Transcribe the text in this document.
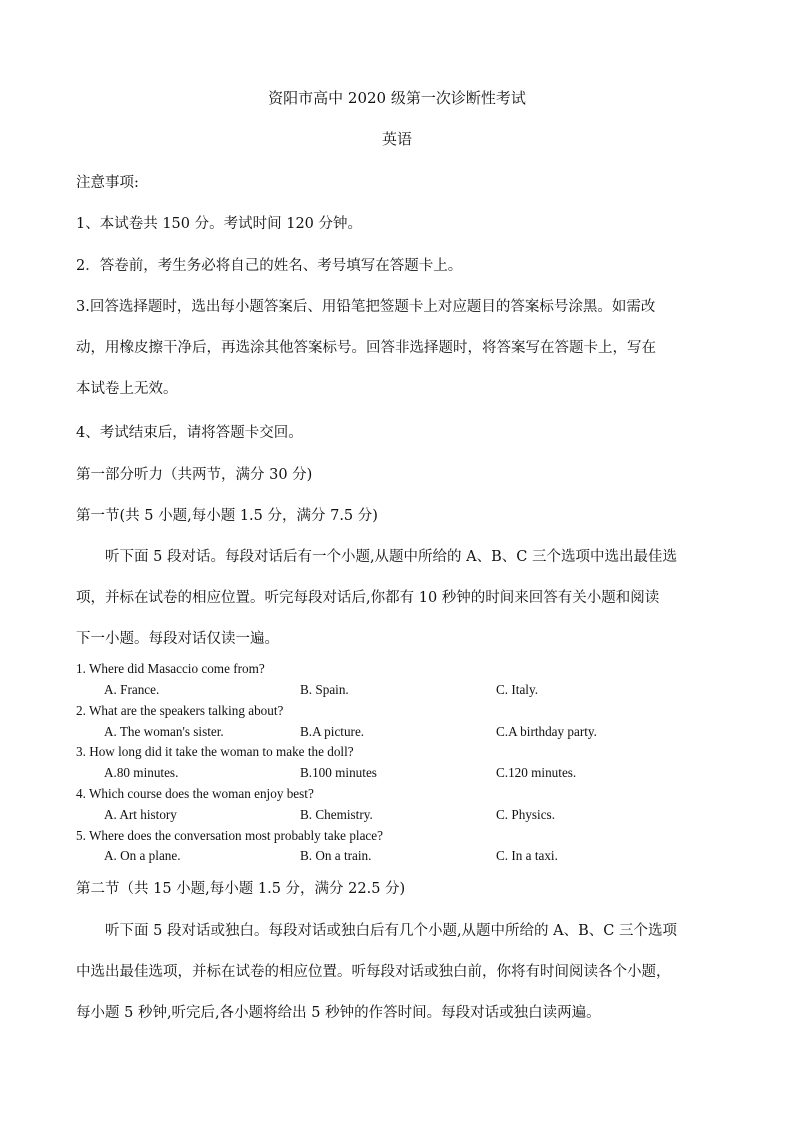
资阳市高中 2020 级第一次诊断性考试
英语
注意事项:
1、本试卷共 150 分。考试时间 120 分钟。
2．答卷前，考生务必将自己的姓名、考号填写在答题卡上。
3.回答选择题时，选出每小题答案后、用铅笔把签题卡上对应题目的答案标号涂黑。如需改
动，用橡皮擦干净后，再选涂其他答案标号。回答非选择题时，将答案写在答题卡上，写在
本试卷上无效。
4、考试结束后，请将答题卡交回。
第一部分听力（共两节，满分 30 分)
第一节(共 5 小题,每小题 1.5 分，满分 7.5 分)
听下面 5 段对话。每段对话后有一个小题,从题中所给的 A、B、C 三个选项中选出最佳选
项，并标在试卷的相应位置。听完每段对话后,你都有 10 秒钟的时间来回答有关小题和阅读
下一小题。每段对话仅读一遍。
1. Where did Masaccio come from?
A. France.	B. Spain.	C. Italy.
2. What are the speakers talking about?
A. The woman's sister.	B.A picture.	C.A birthday party.
3. How long did it take the woman to make the doll?
A.80 minutes.	B.100 minutes	C.120 minutes.
4. Which course does the woman enjoy best?
A. Art history	B. Chemistry.	C. Physics.
5. Where does the conversation most probably take place?
A. On a plane.	B. On a train.	C. In a taxi.
第二节（共 15 小题,每小题 1.5 分，满分 22.5 分)
听下面 5 段对话或独白。每段对话或独白后有几个小题,从题中所给的 A、B、C 三个选项
中选出最佳选项，并标在试卷的相应位置。听每段对话或独白前，你将有时间阅读各个小题，
每小题 5 秒钟,听完后,各小题将给出 5 秒钟的作答时间。每段对话或独白读两遍。
